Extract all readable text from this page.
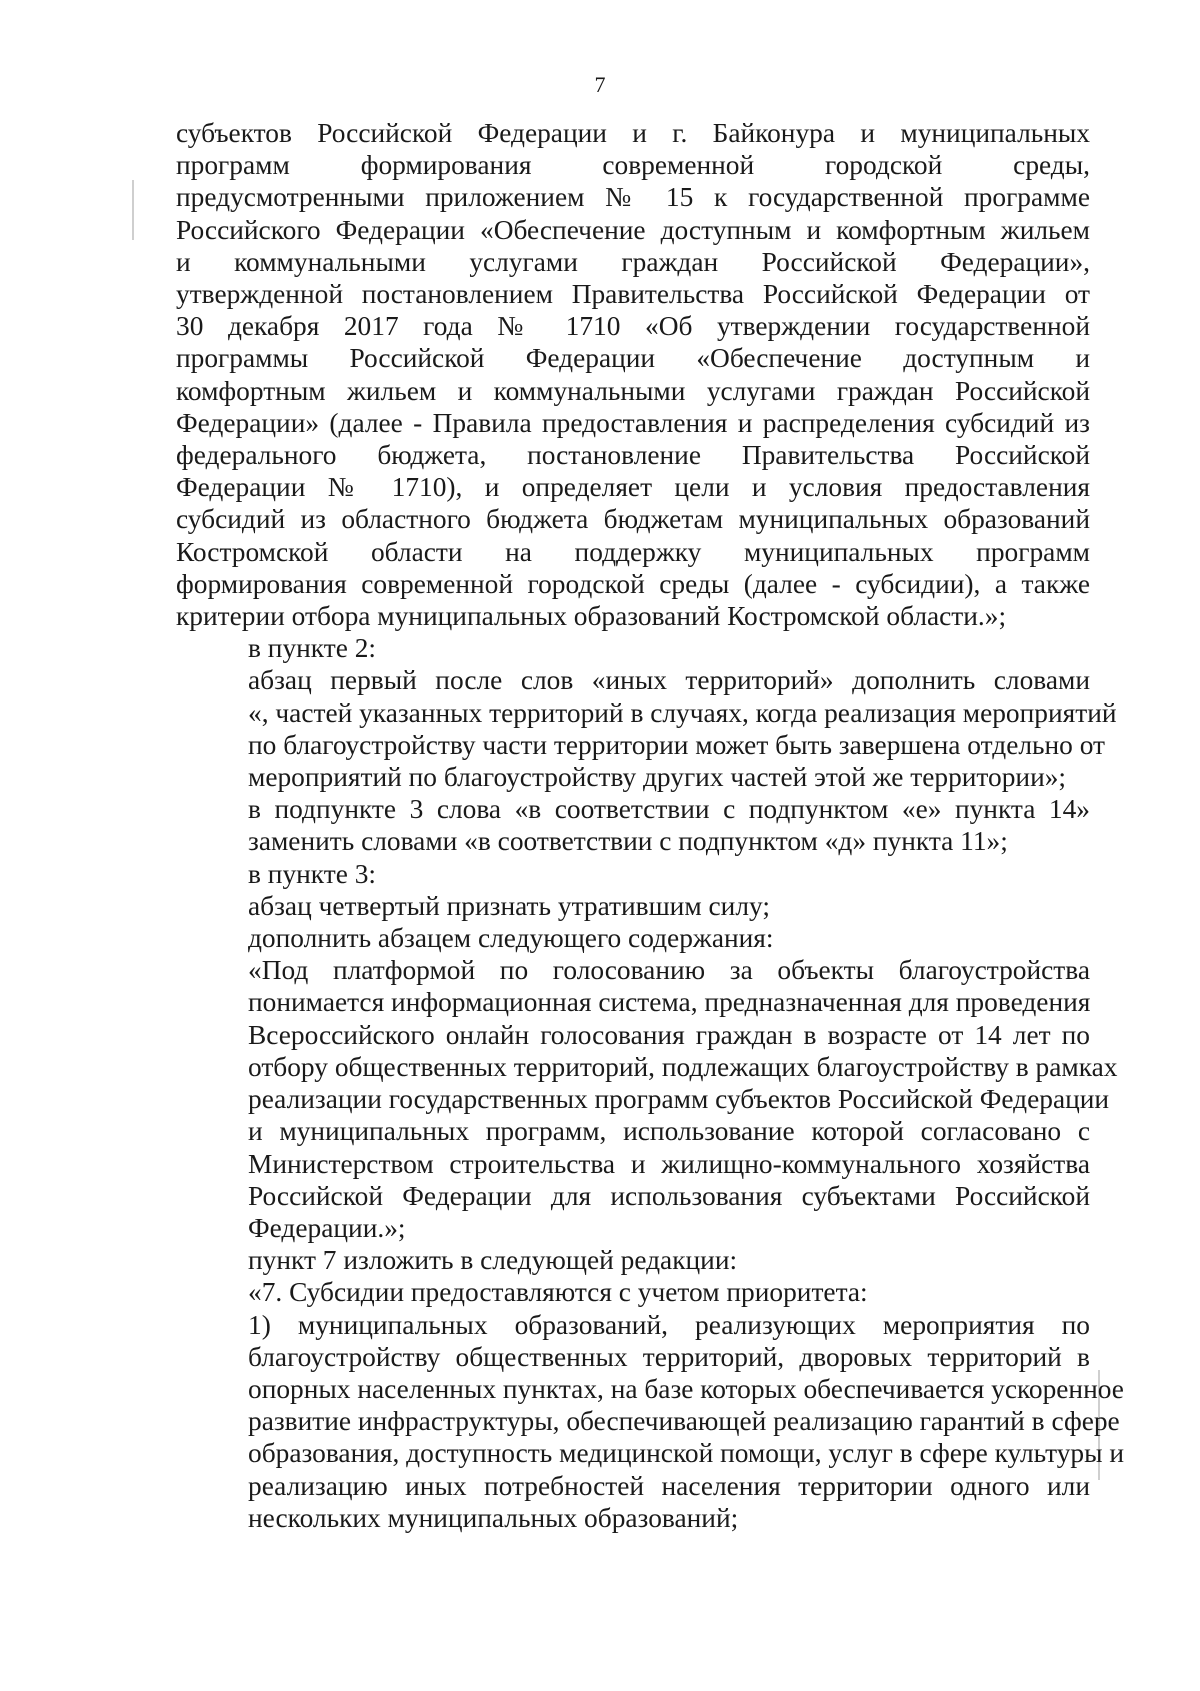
7
субъектов Российской Федерации и г. Байконура и муниципальных
программ формирования современной городской среды,
предусмотренными приложением № 15 к государственной программе
Российского Федерации «Обеспечение доступным и комфортным жильем
и коммунальными услугами граждан Российской Федерации»,
утвержденной постановлением Правительства Российской Федерации от
30 декабря 2017 года № 1710 «Об утверждении государственной
программы Российской Федерации «Обеспечение доступным и
комфортным жильем и коммунальными услугами граждан Российской
Федерации» (далее - Правила предоставления и распределения субсидий из
федерального бюджета, постановление Правительства Российской
Федерации № 1710), и определяет цели и условия предоставления
субсидий из областного бюджета бюджетам муниципальных образований
Костромской области на поддержку муниципальных программ
формирования современной городской среды (далее - субсидии), а также
критерии отбора муниципальных образований Костромской области.»;
в пункте 2:
абзац первый после слов «иных территорий» дополнить словами
«, частей указанных территорий в случаях, когда реализация мероприятий
по благоустройству части территории может быть завершена отдельно от
мероприятий по благоустройству других частей этой же территории»;
в подпункте 3 слова «в соответствии с подпунктом «е» пункта 14»
заменить словами «в соответствии с подпунктом «д» пункта 11»;
в пункте 3:
абзац четвертый признать утратившим силу;
дополнить абзацем следующего содержания:
«Под платформой по голосованию за объекты благоустройства
понимается информационная система, предназначенная для проведения
Всероссийского онлайн голосования граждан в возрасте от 14 лет по
отбору общественных территорий, подлежащих благоустройству в рамках
реализации государственных программ субъектов Российской Федерации
и муниципальных программ, использование которой согласовано с
Министерством строительства и жилищно-коммунального хозяйства
Российской Федерации для использования субъектами Российской
Федерации.»;
пункт 7 изложить в следующей редакции:
«7. Субсидии предоставляются с учетом приоритета:
1) муниципальных образований, реализующих мероприятия по
благоустройству общественных территорий, дворовых территорий в
опорных населенных пунктах, на базе которых обеспечивается ускоренное
развитие инфраструктуры, обеспечивающей реализацию гарантий в сфере
образования, доступность медицинской помощи, услуг в сфере культуры и
реализацию иных потребностей населения территории одного или
нескольких муниципальных образований;
